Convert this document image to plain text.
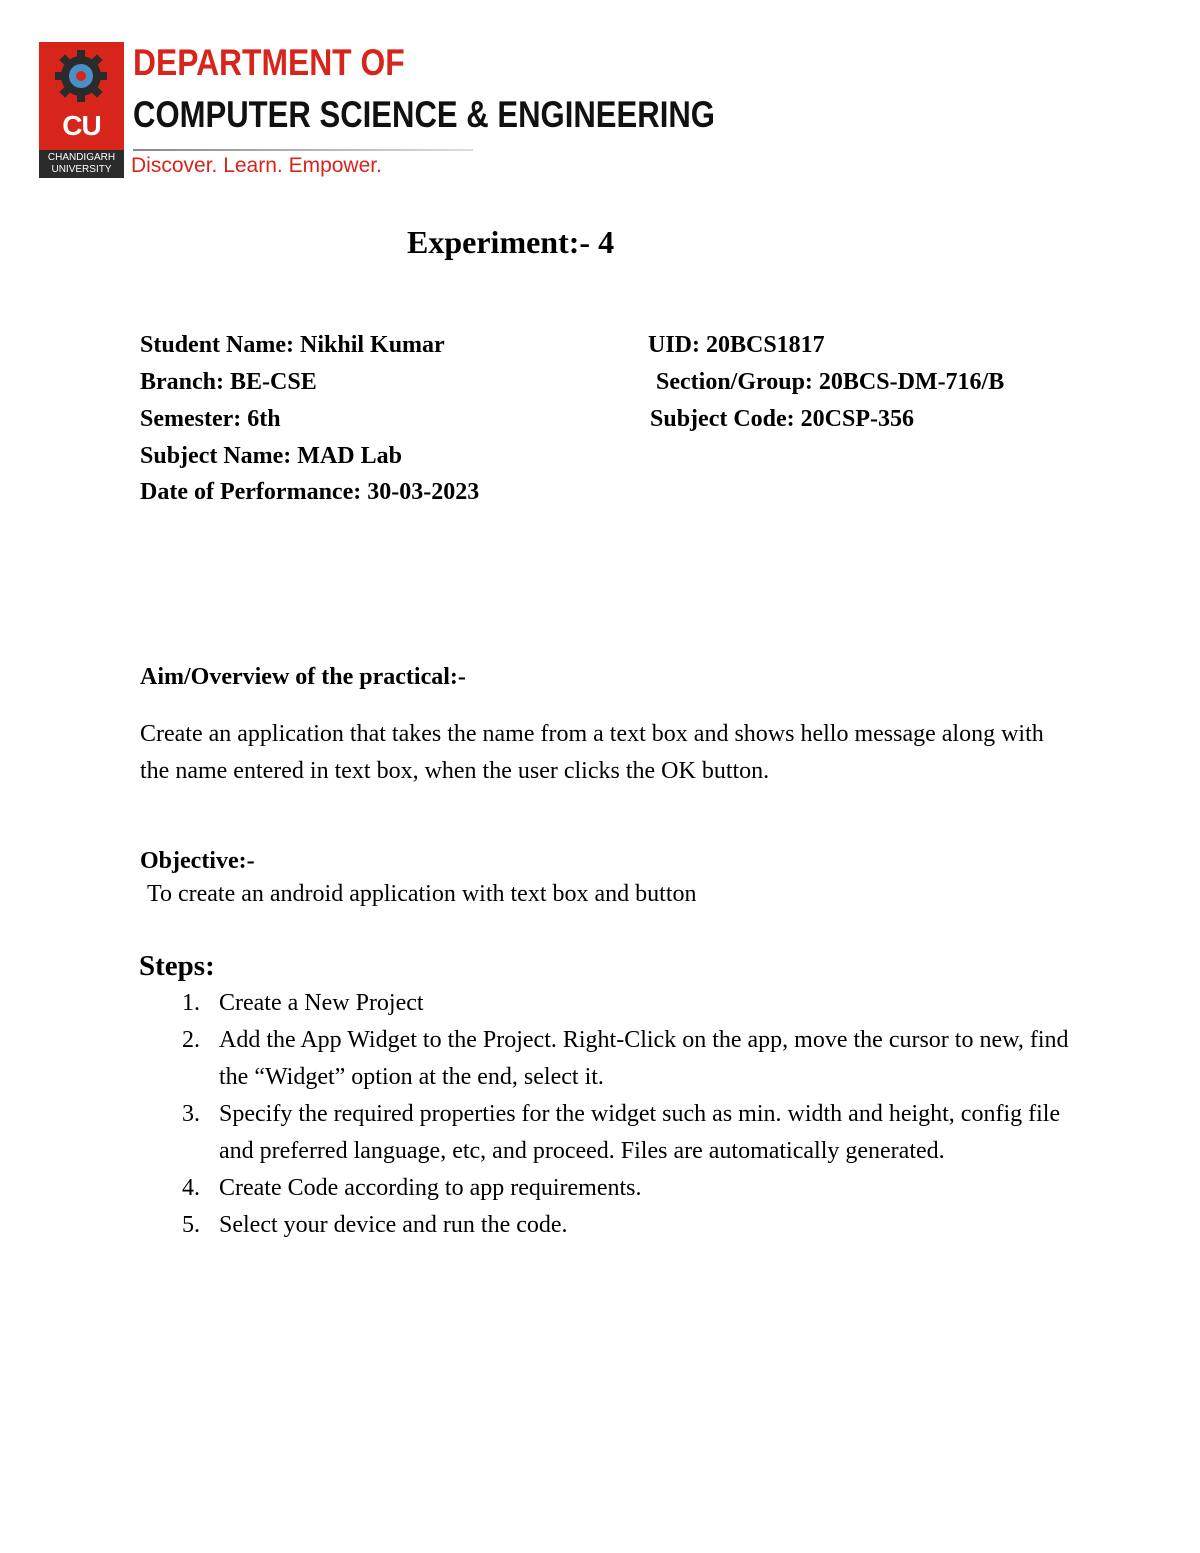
CU
CHANDIGARH
UNIVERSITY
DEPARTMENT OF
COMPUTER SCIENCE & ENGINEERING
Discover. Learn. Empower.
Experiment:- 4
Student Name: Nikhil Kumar	UID: 20BCS1817
Branch: BE-CSE	Section/Group: 20BCS-DM-716/B
Semester: 6th	Subject Code: 20CSP-356
Subject Name: MAD Lab
Date of Performance: 30-03-2023
Aim/Overview of the practical:-
Create an application that takes the name from a text box and shows hello message along with the name entered in text box, when the user clicks the OK button.
Objective:-
To create an android application with text box and button
Steps:
1. Create a New Project
2. Add the App Widget to the Project. Right-Click on the app, move the cursor to new, find the “Widget” option at the end, select it.
3. Specify the required properties for the widget such as min. width and height, config file and preferred language, etc, and proceed. Files are automatically generated.
4. Create Code according to app requirements.
5. Select your device and run the code.
